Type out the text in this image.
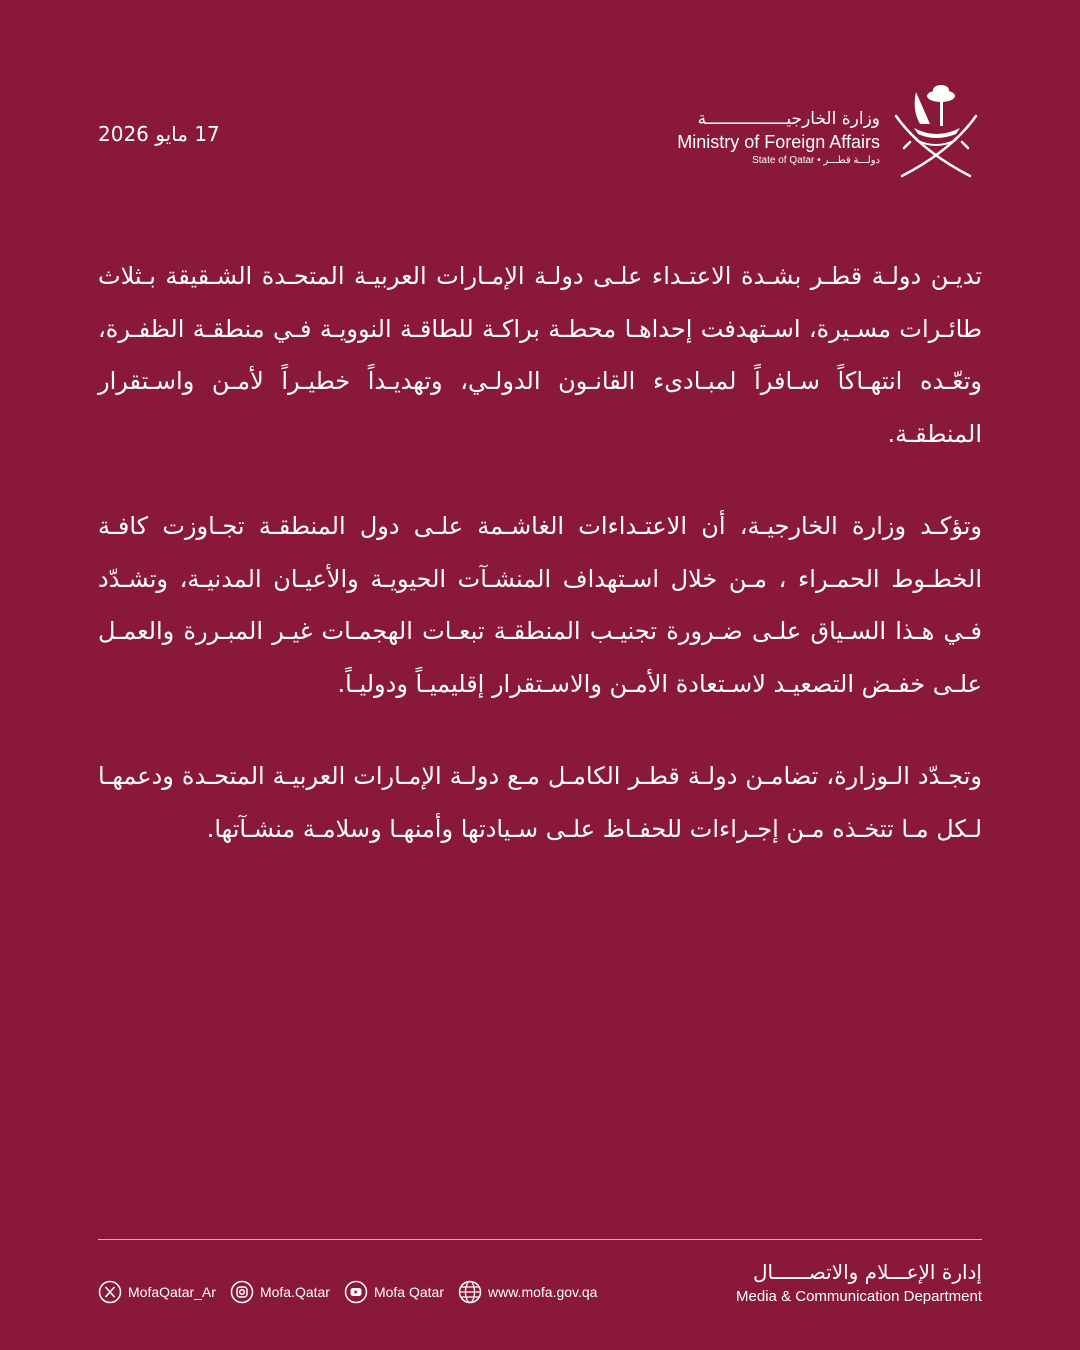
17 مايو 2026
وزارة الخارجيــــــــــــــــة
Ministry of Foreign Affairs
State of Qatar • دولـــة قطـــر

تديـن دولـة قطـر بشـدة الاعتـداء علـى دولـة الإمـارات العربيـة المتحـدة الشـقيقة بـثلاث طائـرات مسـيرة، اسـتهدفت إحداهـا محطـة براكـة للطاقـة النوويـة فـي منطقـة الظفـرة، وتعّـده انتهـاكاً سـافراً لمبـادىء القانـون الدولـي، وتهديـداً خطيـراً لأمـن واسـتقرار المنطقـة.

وتؤكـد وزارة الخارجيـة، أن الاعتـداءات الغاشـمة علـى دول المنطقـة تجـاوزت كافـة الخطـوط الحمـراء ، مـن خلال اسـتهداف المنشـآت الحيويـة والأعيـان المدنيـة، وتشـدّد فـي هـذا السـياق علـى ضـرورة تجنيـب المنطقـة تبعـات الهجمـات غيـر المبـررة والعمـل علـى خفـض التصعيـد لاسـتعادة الأمـن والاسـتقرار إقليميـاً ودوليـاً.

وتجـدّد الـوزارة، تضامـن دولـة قطـر الكامـل مـع دولـة الإمـارات العربيـة المتحـدة ودعمهـا لـكل مـا تتخـذه مـن إجـراءات للحفـاظ علـى سـيادتها وأمنهـا وسلامـة منشـآتها.

إدارة الإعـــلام والاتصــــــال
Media & Communication Department
MofaQatar_Ar	Mofa.Qatar	Mofa Qatar	www.mofa.gov.qa
